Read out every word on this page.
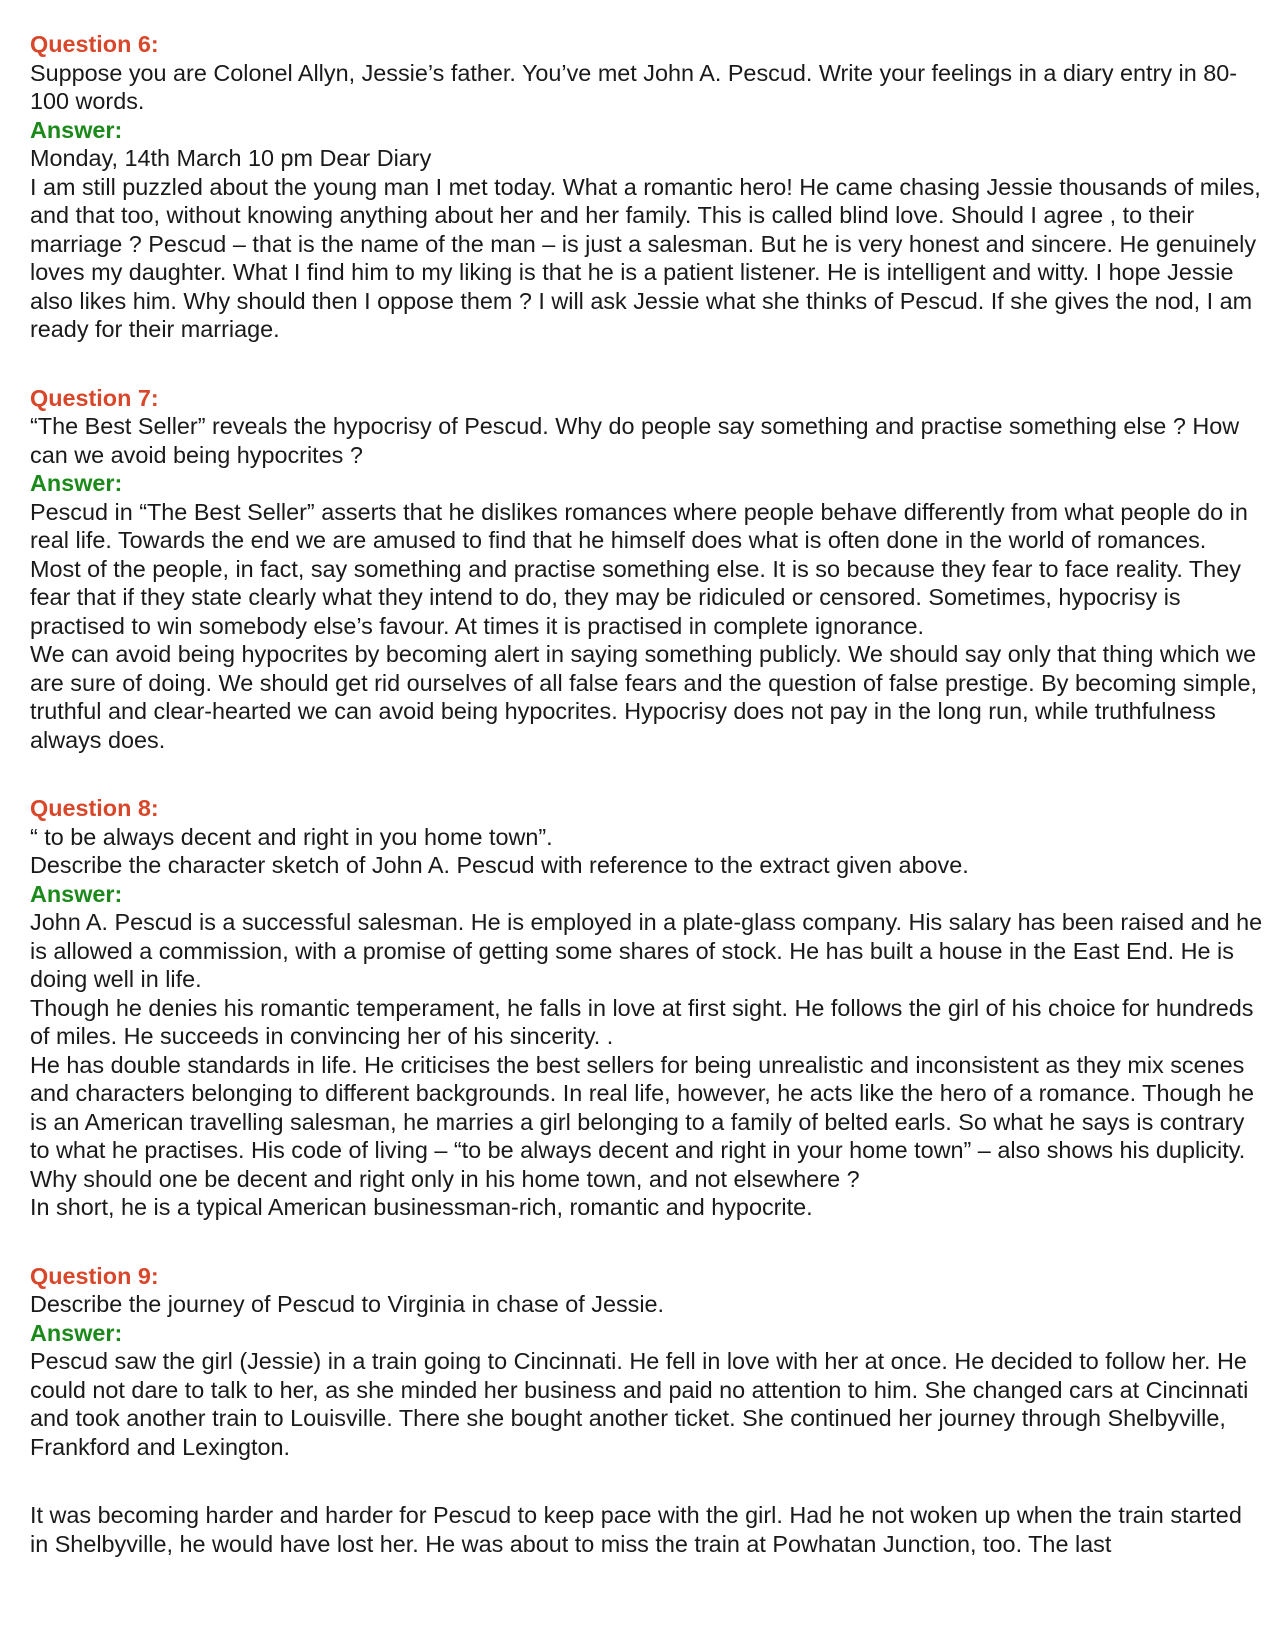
Question 6:
Suppose you are Colonel Allyn, Jessie’s father. You’ve met John A. Pescud. Write your feelings in a diary entry in 80-100 words.
Answer:
Monday, 14th March 10 pm Dear Diary
I am still puzzled about the young man I met today. What a romantic hero! He came chasing Jessie thousands of miles, and that too, without knowing anything about her and her family. This is called blind love. Should I agree , to their marriage ? Pescud – that is the name of the man – is just a salesman. But he is very honest and sincere. He genuinely loves my daughter. What I find him to my liking is that he is a patient listener. He is intelligent and witty. I hope Jessie also likes him. Why should then I oppose them ? I will ask Jessie what she thinks of Pescud. If she gives the nod, I am ready for their marriage.
Question 7:
“The Best Seller” reveals the hypocrisy of Pescud. Why do people say something and practise something else ? How can we avoid being hypocrites ?
Answer:
Pescud in “The Best Seller” asserts that he dislikes romances where people behave differently from what people do in real life. Towards the end we are amused to find that he himself does what is often done in the world of romances.
Most of the people, in fact, say something and practise something else. It is so because they fear to face reality. They fear that if they state clearly what they intend to do, they may be ridiculed or censored. Sometimes, hypocrisy is practised to win somebody else’s favour. At times it is practised in complete ignorance.
We can avoid being hypocrites by becoming alert in saying something publicly. We should say only that thing which we are sure of doing. We should get rid ourselves of all false fears and the question of false prestige. By becoming simple, truthful and clear-hearted we can avoid being hypocrites. Hypocrisy does not pay in the long run, while truthfulness always does.
Question 8:
“ to be always decent and right in you home town”.
Describe the character sketch of John A. Pescud with reference to the extract given above.
Answer:
John A. Pescud is a successful salesman. He is employed in a plate-glass company. His salary has been raised and he is allowed a commission, with a promise of getting some shares of stock. He has built a house in the East End. He is doing well in life.
Though he denies his romantic temperament, he falls in love at first sight. He follows the girl of his choice for hundreds of miles. He succeeds in convincing her of his sincerity. .
He has double standards in life. He criticises the best sellers for being unrealistic and inconsistent as they mix scenes and characters belonging to different backgrounds. In real life, however, he acts like the hero of a romance. Though he is an American travelling salesman, he marries a girl belonging to a family of belted earls. So what he says is contrary to what he practises. His code of living – “to be always decent and right in your home town” – also shows his duplicity. Why should one be decent and right only in his home town, and not elsewhere ?
In short, he is a typical American businessman-rich, romantic and hypocrite.
Question 9:
Describe the journey of Pescud to Virginia in chase of Jessie.
Answer:
Pescud saw the girl (Jessie) in a train going to Cincinnati. He fell in love with her at once. He decided to follow her. He could not dare to talk to her, as she minded her business and paid no attention to him. She changed cars at Cincinnati and took another train to Louisville. There she bought another ticket. She continued her journey through Shelbyville, Frankford and Lexington.
It was becoming harder and harder for Pescud to keep pace with the girl. Had he not woken up when the train started in Shelbyville, he would have lost her. He was about to miss the train at Powhatan Junction, too. The last
